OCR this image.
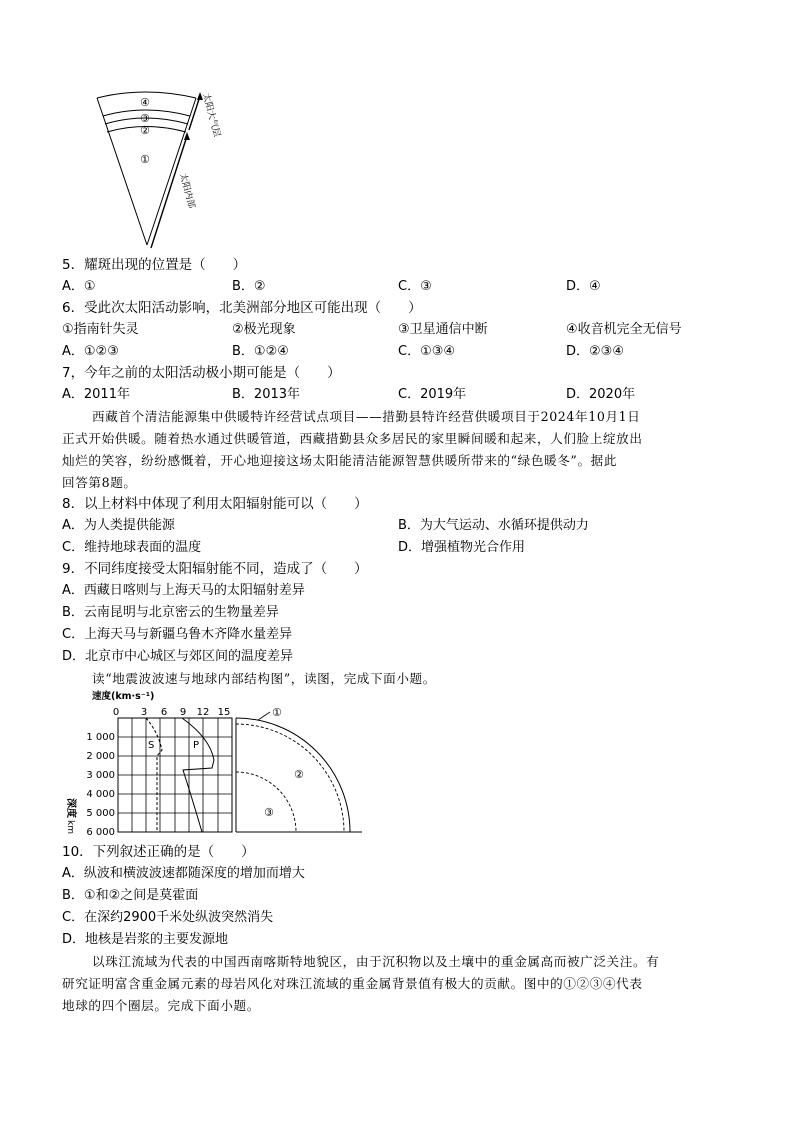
④
③
②
①
太阳大气层
太阳内部
5．耀斑出现的位置是（　　）
A．①	B．②	C．③	D．④
6．受此次太阳活动影响，北美洲部分地区可能出现（　　）
①指南针失灵	②极光现象	③卫星通信中断	④收音机完全无信号
A．①②③	B．①②④	C．①③④	D．②③④
7，今年之前的太阳活动极小期可能是（　　）
A．2011年	B．2013年	C．2019年	D．2020年
西藏首个清洁能源集中供暖特许经营试点项目——措勤县特许经营供暖项目于2024年10月1日
正式开始供暖。随着热水通过供暖管道，西藏措勤县众多居民的家里瞬间暖和起来，人们脸上绽放出
灿烂的笑容，纷纷感慨着，开心地迎接这场太阳能清洁能源智慧供暖所带来的“绿色暖冬”。据此
回答第8题。
8．以上材料中体现了利用太阳辐射能可以（　　）
A．为人类提供能源	B．为大气运动、水循环提供动力
C．维持地球表面的温度	D．增强植物光合作用
9．不同纬度接受太阳辐射能不同，造成了（　　）
A．西藏日喀则与上海天马的太阳辐射差异
B．云南昆明与北京密云的生物量差异
C．上海天马与新疆乌鲁木齐降水量差异
D．北京市中心城区与郊区间的温度差异
读“地震波波速与地球内部结构图”，读图，完成下面小题。
速度(km·s⁻¹)
0 3 6 9 12 15
1 000
2 000
3 000
4 000
5 000
6 000
深度
km
S	P
①
②
③
10．下列叙述正确的是（　　）
A．纵波和横波波速都随深度的增加而增大
B．①和②之间是莫霍面
C．在深约2900千米处纵波突然消失
D．地核是岩浆的主要发源地
以珠江流域为代表的中国西南喀斯特地貌区，由于沉积物以及土壤中的重金属高而被广泛关注。有
研究证明富含重金属元素的母岩风化对珠江流域的重金属背景值有极大的贡献。图中的①②③④代表
地球的四个圈层。完成下面小题。
